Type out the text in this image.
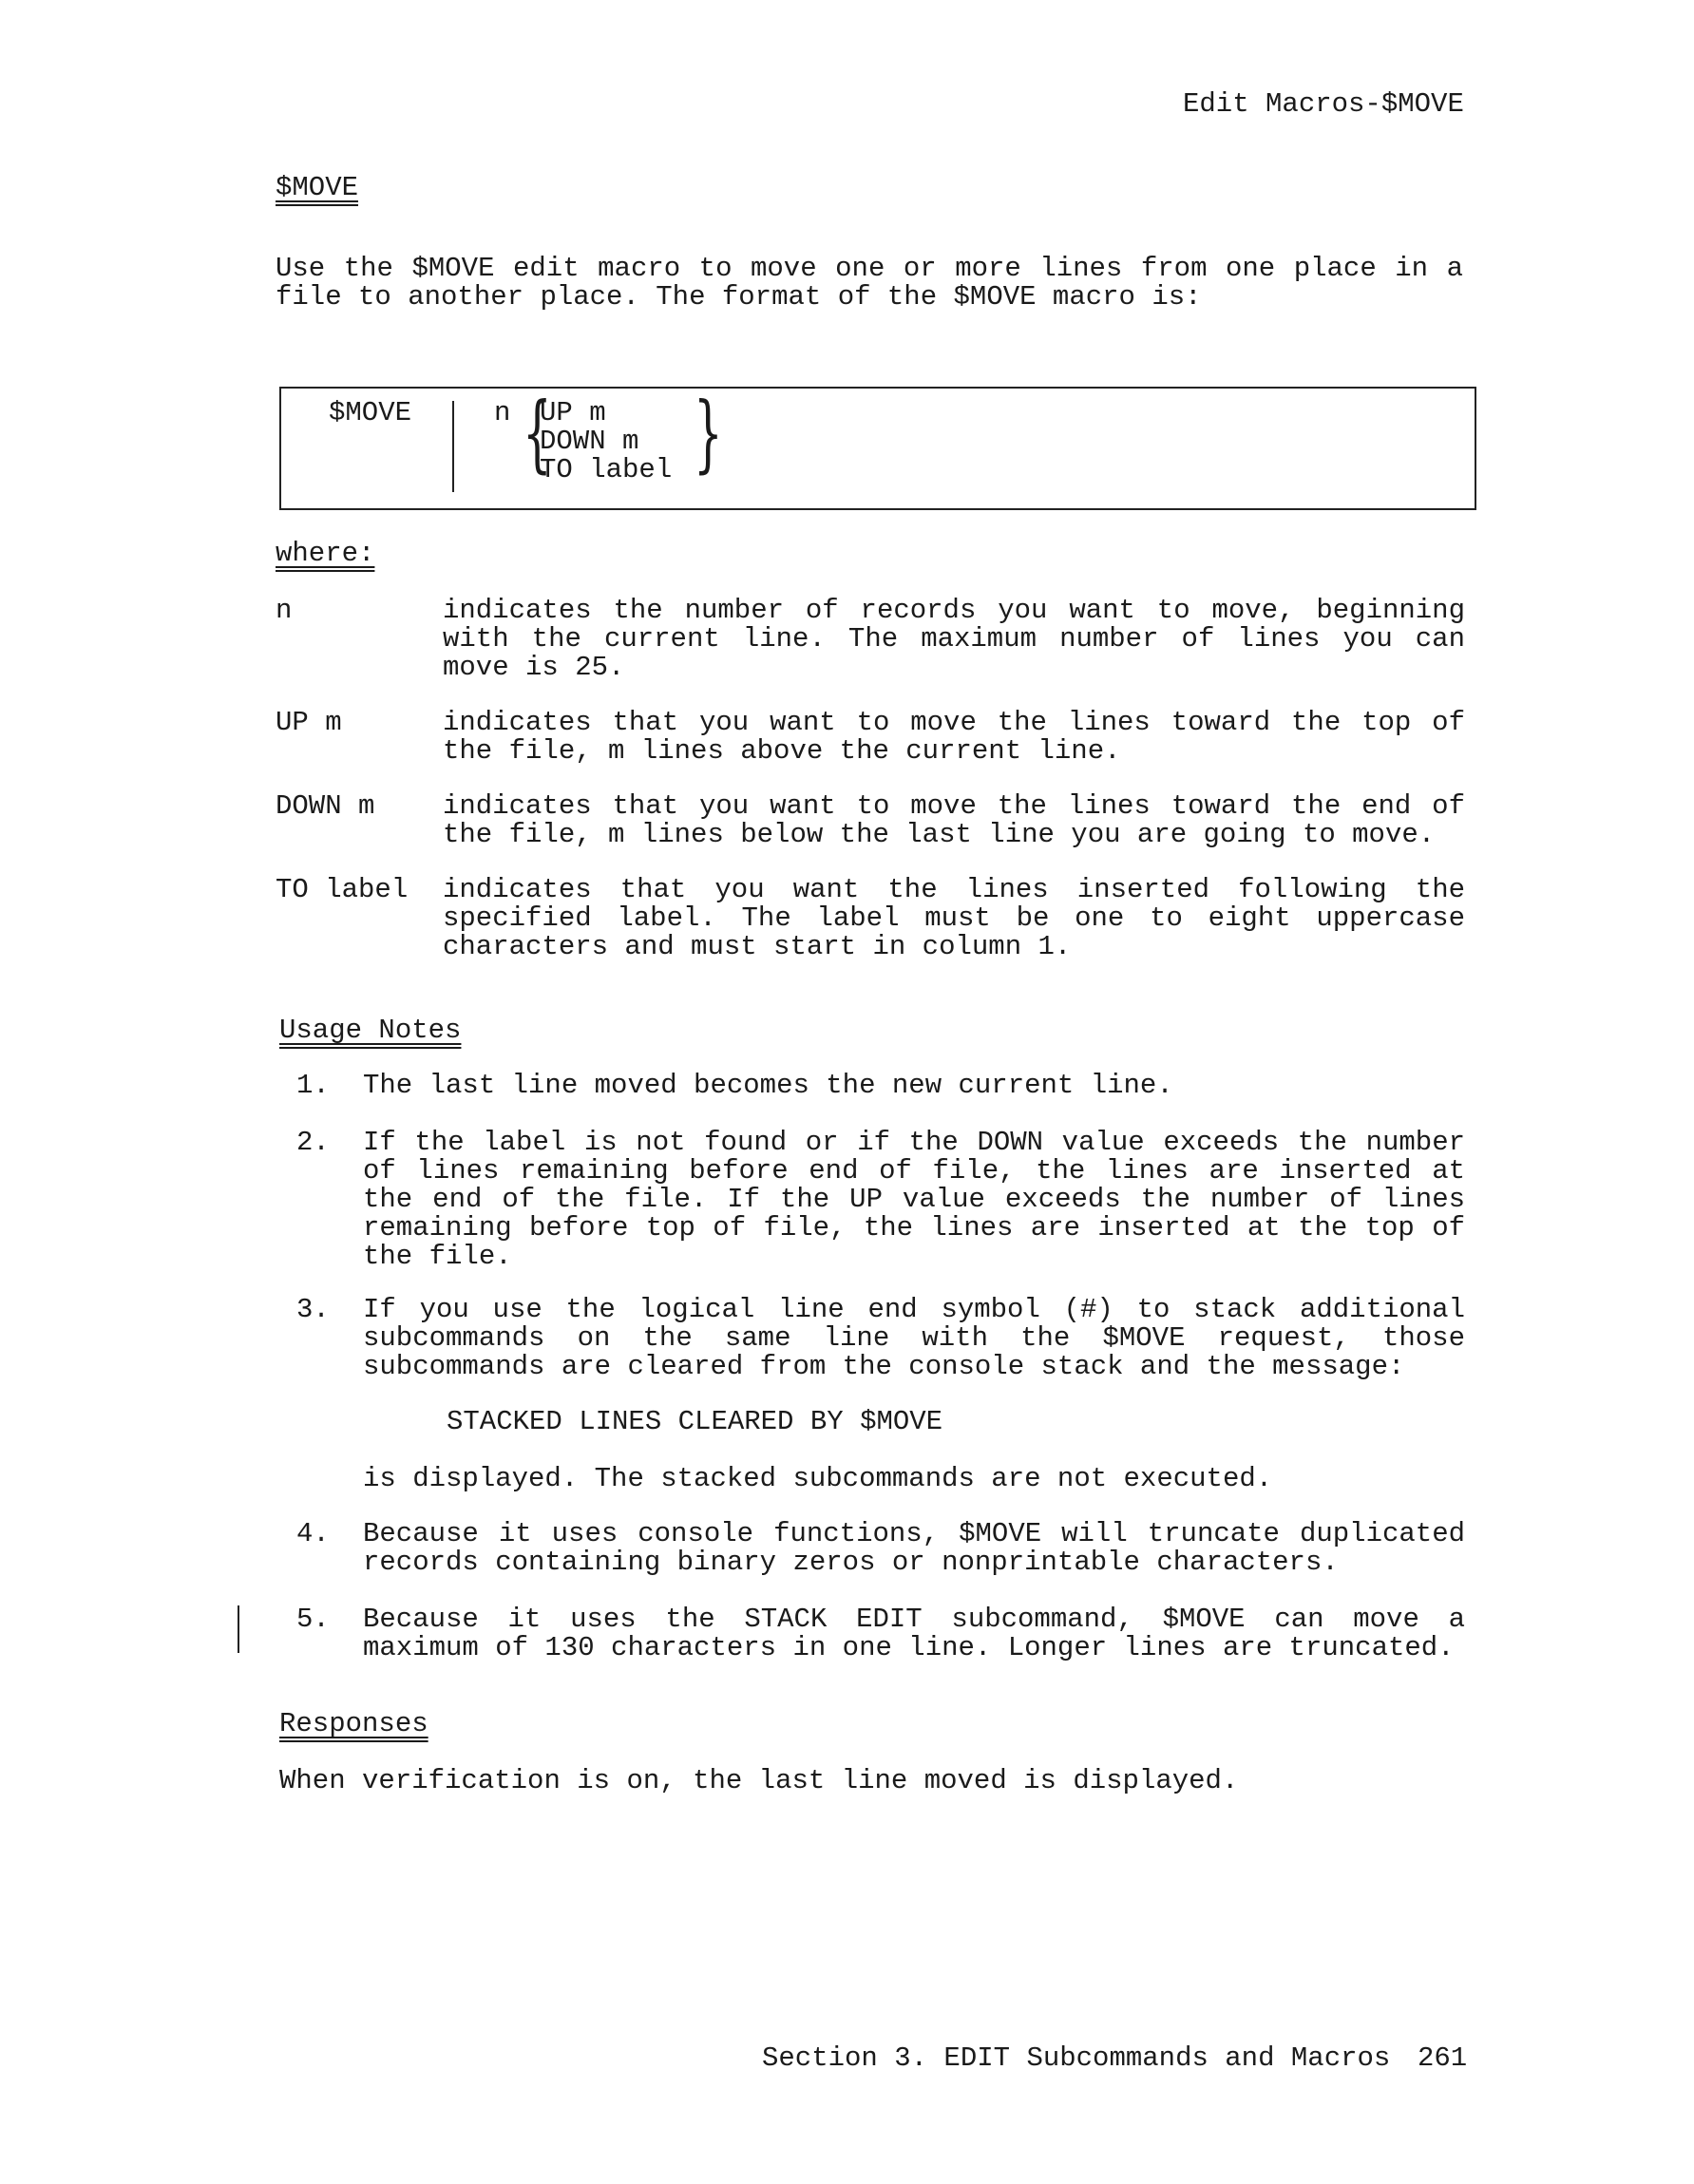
Edit Macros-$MOVE
$MOVE
Use the $MOVE edit macro to move one or more lines from one place in a file to another place. The format of the $MOVE macro is:
$MOVE	n {
UP m
DOWN m
TO label }
where:
n	indicates the number of records you want to move, beginning with the current line. The maximum number of lines you can move is 25.
UP m	indicates that you want to move the lines toward the top of the file, m lines above the current line.
DOWN m indicates that you want to move the lines toward the end of the file, m lines below the last line you are going to move.
TO label indicates that you want the lines inserted following the specified label. The label must be one to eight uppercase characters and must start in column 1.
Usage Notes
1. The last line moved becomes the new current line.
2. If the label is not found or if the DOWN value exceeds the number of lines remaining before end of file, the lines are inserted at the end of the file. If the UP value exceeds the number of lines remaining before top of file, the lines are inserted at the top of the file.
3. If you use the logical line end symbol (#) to stack additional subcommands on the same line with the $MOVE request, those subcommands are cleared from the console stack and the message:
STACKED LINES CLEARED BY $MOVE
is displayed. The stacked subcommands are not executed.
4. Because it uses console functions, $MOVE will truncate duplicated records containing binary zeros or nonprintable characters.
5. Because it uses the STACK EDIT subcommand, $MOVE can move a maximum of 130 characters in one line. Longer lines are truncated.
Responses
When verification is on, the last line moved is displayed.
Section 3. EDIT Subcommands and Macros 261
